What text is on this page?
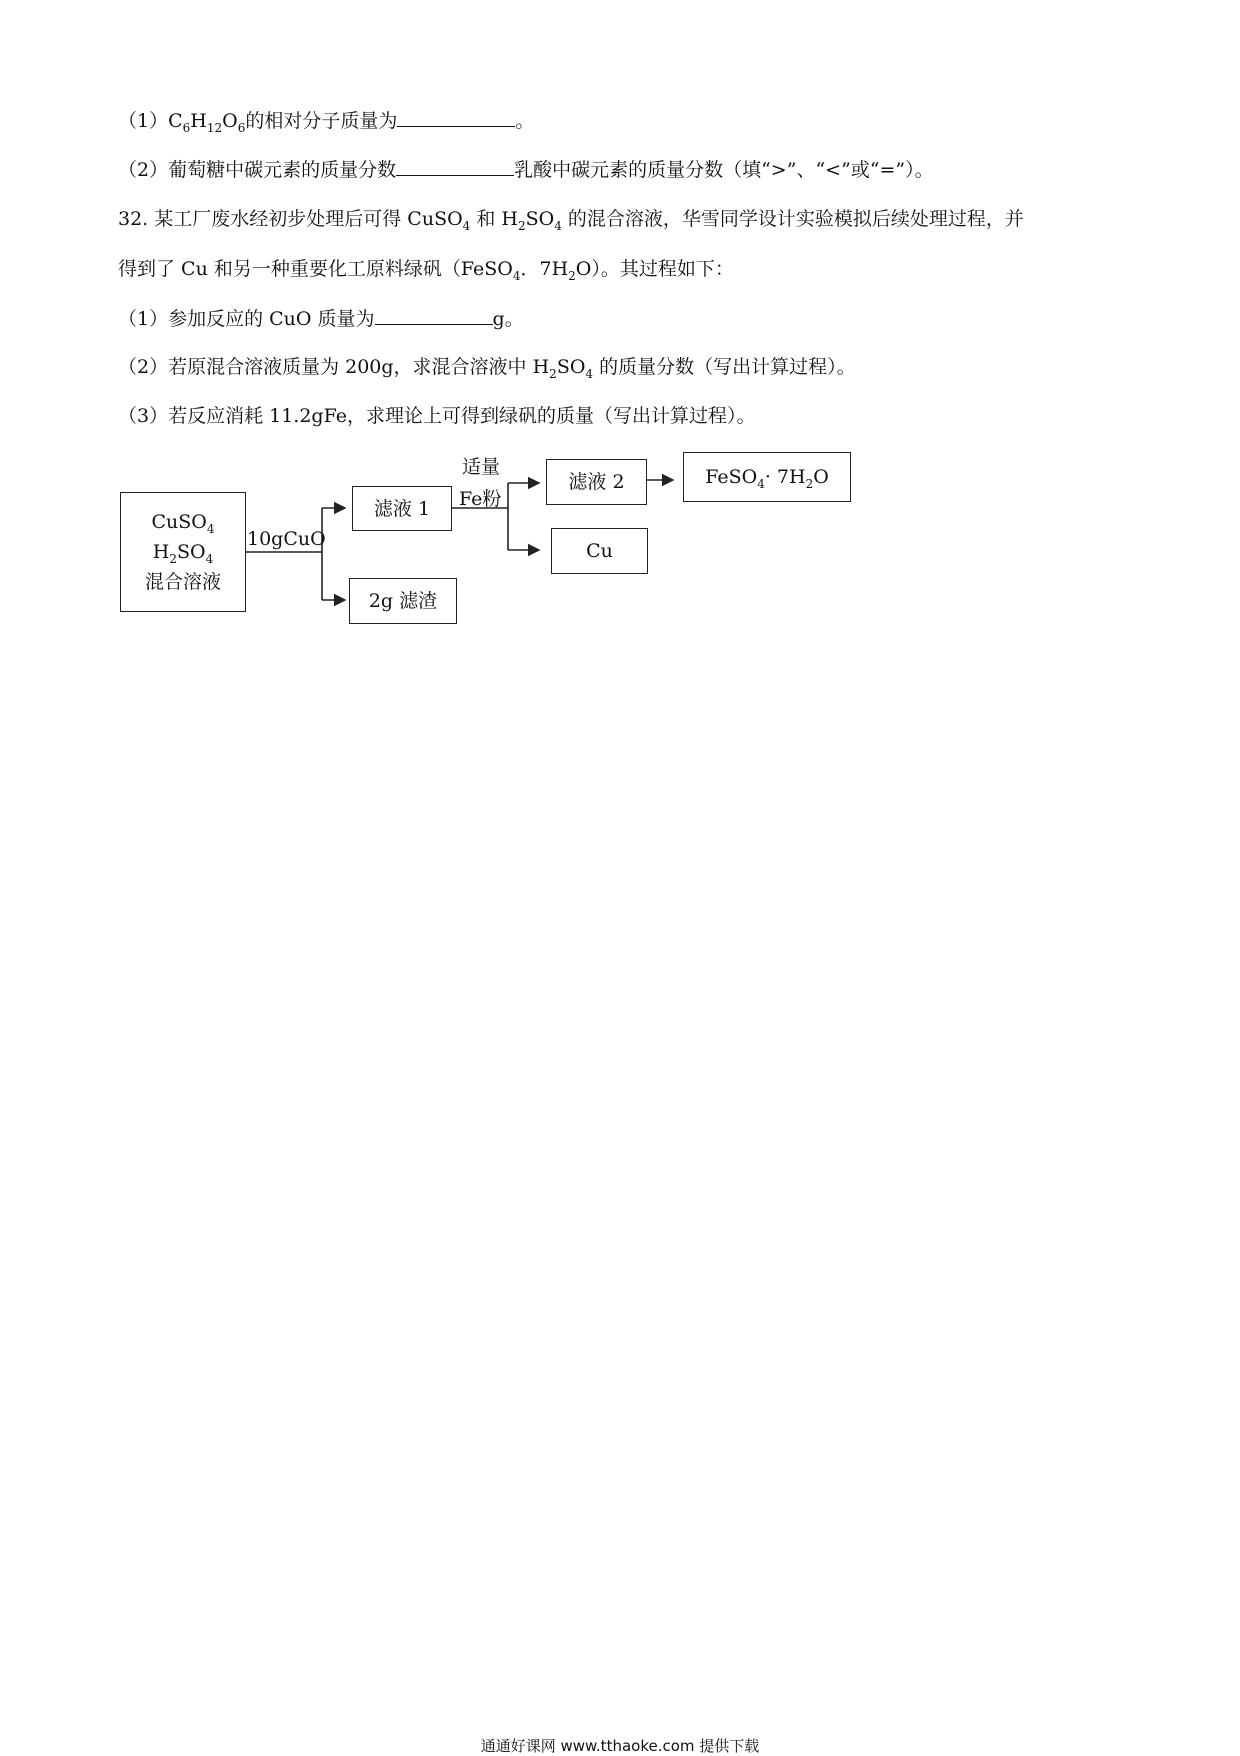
$(1)C_6H_{12}O_6$的相对分子质量为	。
（2）葡萄糖中碳元素的质量分数	乳酸中碳元素的质量分数（填“>”、“<”或“=”）。
32. 某工厂废水经初步处理后可得 CuSO$_4$ 和 $H_2SO_4$ 的混合溶液，华雪同学设计实验模拟后续处理过程，并
得到了 Cu 和另一种重要化工原料绿矾（FeSO$_4$．$7H_2O$）。其过程如下：
（1）参加反应的 CuO 质量为	g。
（2）若原混合溶液质量为 200g，求混合溶液中 $H_2SO_4$ 的质量分数（写出计算过程）。
（3）若反应消耗 11.2gFe，求理论上可得到绿矾的质量（写出计算过程）。
CuSO$_4$
$H_2SO_4$
混合溶液
10gCuO
滤液 1
2g 滤渣
适量
Fe粉
滤液 2
Cu
FeSO$_4$· $7H_2O$
通通好课网 www.tthaoke.com 提供下载
